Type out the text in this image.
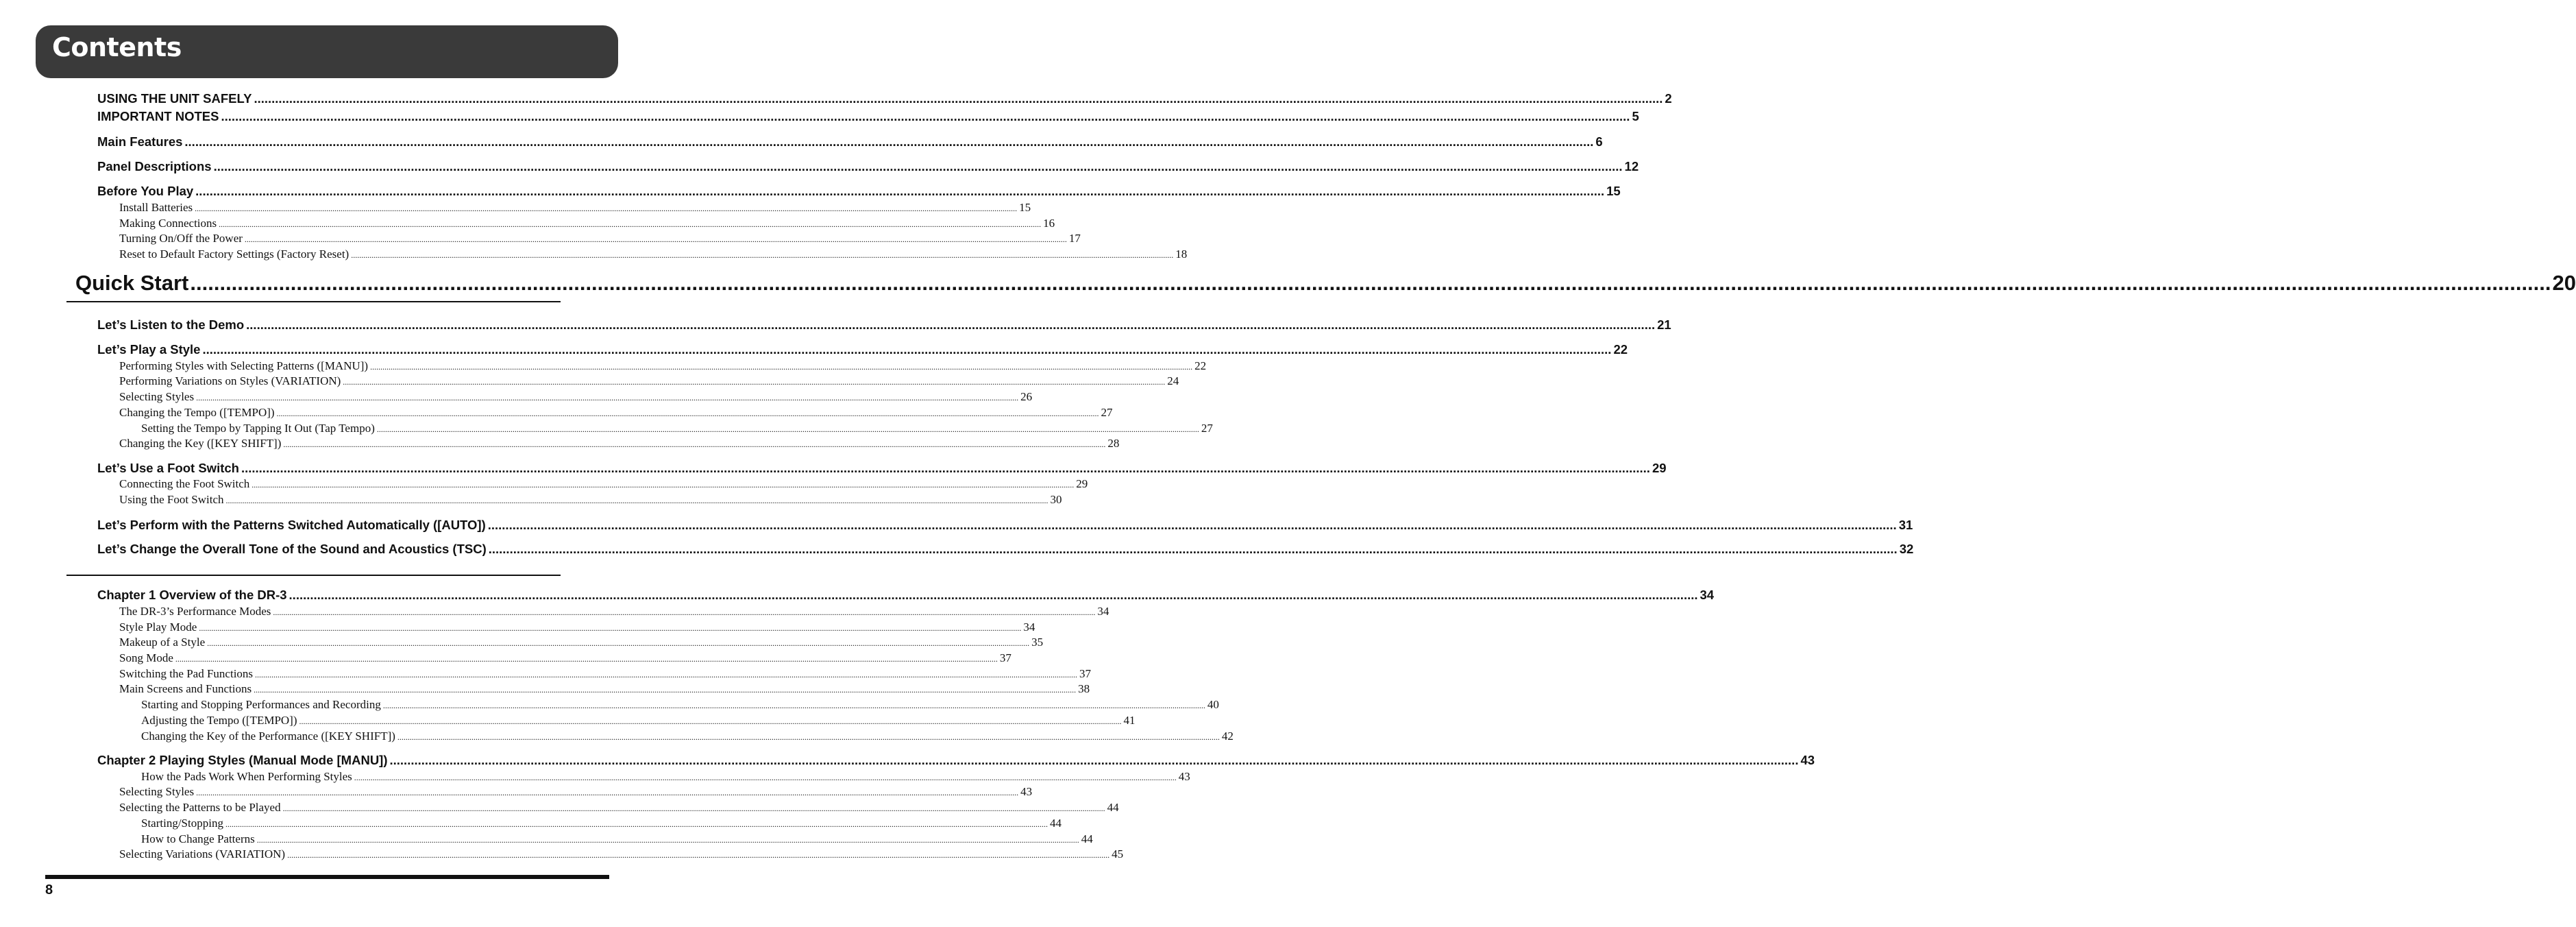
Contents
USING THE UNIT SAFELY ................................................................................................................................................................................................................................................................................................................................................................................................................ 2
IMPORTANT NOTES ................................................................................................................................................................................................................................................................................................................................................................................................................ 5
Main Features ................................................................................................................................................................................................................................................................................................................................................................................................................ 6
Panel Descriptions ................................................................................................................................................................................................................................................................................................................................................................................................................ 12
Before You Play ................................................................................................................................................................................................................................................................................................................................................................................................................ 15
Install Batteries ................................................................................................................................................................................................................................................................................................................................................................................................................ 15
Making Connections ................................................................................................................................................................................................................................................................................................................................................................................................................ 16
Turning On/Off the Power ................................................................................................................................................................................................................................................................................................................................................................................................................ 17
Reset to Default Factory Settings (Factory Reset) ................................................................................................................................................................................................................................................................................................................................................................................................................ 18
Quick Start ................................................................................................................................................................................................................................................................................................................................................................................................................ 20
Let’s Listen to the Demo ................................................................................................................................................................................................................................................................................................................................................................................................................ 21
Let’s Play a Style ................................................................................................................................................................................................................................................................................................................................................................................................................ 22
Performing Styles with Selecting Patterns ([MANU]) ................................................................................................................................................................................................................................................................................................................................................................................................................ 22
Performing Variations on Styles (VARIATION) ................................................................................................................................................................................................................................................................................................................................................................................................................ 24
Selecting Styles ................................................................................................................................................................................................................................................................................................................................................................................................................ 26
Changing the Tempo ([TEMPO]) ................................................................................................................................................................................................................................................................................................................................................................................................................ 27
Setting the Tempo by Tapping It Out (Tap Tempo) ................................................................................................................................................................................................................................................................................................................................................................................................................ 27
Changing the Key ([KEY SHIFT]) ................................................................................................................................................................................................................................................................................................................................................................................................................ 28
Let’s Use a Foot Switch ................................................................................................................................................................................................................................................................................................................................................................................................................ 29
Connecting the Foot Switch ................................................................................................................................................................................................................................................................................................................................................................................................................ 29
Using the Foot Switch ................................................................................................................................................................................................................................................................................................................................................................................................................ 30
Let’s Perform with the Patterns Switched Automatically ([AUTO]) ................................................................................................................................................................................................................................................................................................................................................................................................................ 31
Let’s Change the Overall Tone of the Sound and Acoustics (TSC) ................................................................................................................................................................................................................................................................................................................................................................................................................ 32
Chapter 1 Overview of the DR-3 ................................................................................................................................................................................................................................................................................................................................................................................................................ 34
The DR-3’s Performance Modes ................................................................................................................................................................................................................................................................................................................................................................................................................ 34
Style Play Mode ................................................................................................................................................................................................................................................................................................................................................................................................................ 34
Makeup of a Style ................................................................................................................................................................................................................................................................................................................................................................................................................ 35
Song Mode ................................................................................................................................................................................................................................................................................................................................................................................................................ 37
Switching the Pad Functions ................................................................................................................................................................................................................................................................................................................................................................................................................ 37
Main Screens and Functions ................................................................................................................................................................................................................................................................................................................................................................................................................ 38
Starting and Stopping Performances and Recording ................................................................................................................................................................................................................................................................................................................................................................................................................ 40
Adjusting the Tempo ([TEMPO]) ................................................................................................................................................................................................................................................................................................................................................................................................................ 41
Changing the Key of the Performance ([KEY SHIFT]) ................................................................................................................................................................................................................................................................................................................................................................................................................ 42
Chapter 2 Playing Styles (Manual Mode [MANU]) ................................................................................................................................................................................................................................................................................................................................................................................................................ 43
How the Pads Work When Performing Styles ................................................................................................................................................................................................................................................................................................................................................................................................................ 43
Selecting Styles ................................................................................................................................................................................................................................................................................................................................................................................................................ 43
Selecting the Patterns to be Played ................................................................................................................................................................................................................................................................................................................................................................................................................ 44
Starting/Stopping ................................................................................................................................................................................................................................................................................................................................................................................................................ 44
How to Change Patterns ................................................................................................................................................................................................................................................................................................................................................................................................................ 44
Selecting Variations (VARIATION) ................................................................................................................................................................................................................................................................................................................................................................................................................ 45
8
